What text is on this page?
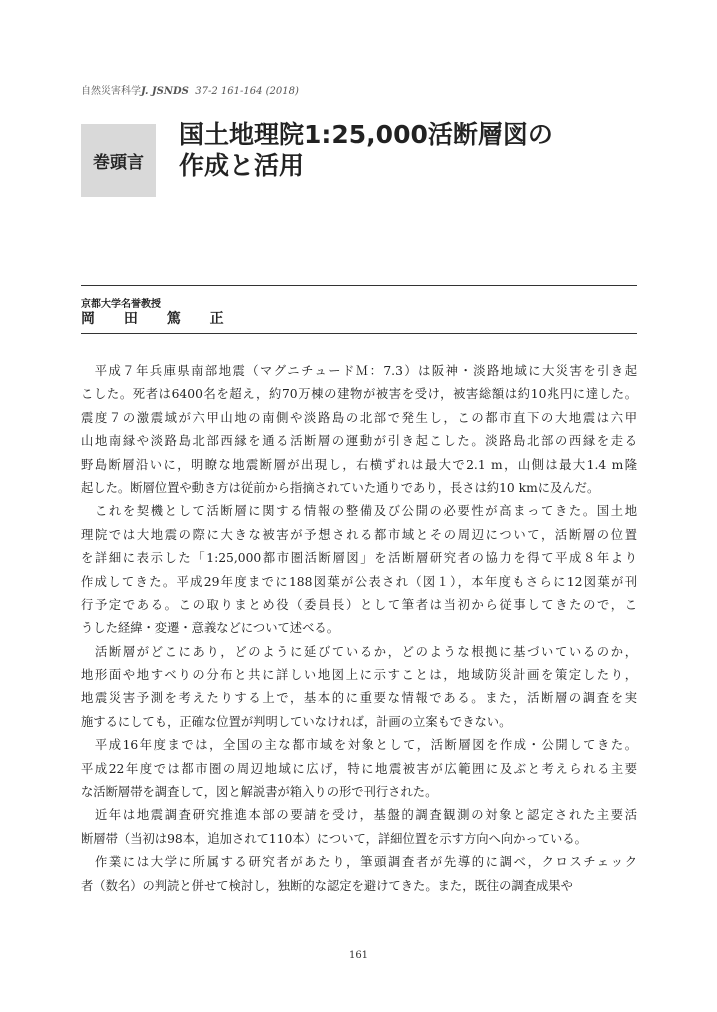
自然災害科学J. JSNDS 37-2 161-164 (2018)
巻頭言
国土地理院1:25,000活断層図の
作成と活用
京都大学名誉教授
岡 田 篤 正
　平成７年兵庫県南部地震（マグニチュードＭ：7.3）は阪神・淡路地域に大災害を引き起
こした。死者は6400名を超え，約70万棟の建物が被害を受け，被害総額は約10兆円に達した。
震度７の激震域が六甲山地の南側や淡路島の北部で発生し，この都市直下の大地震は六甲
山地南縁や淡路島北部西縁を通る活断層の運動が引き起こした。淡路島北部の西縁を走る
野島断層沿いに，明瞭な地震断層が出現し，右横ずれは最大で2.1 m，山側は最大1.4 m隆
起した。断層位置や動き方は従前から指摘されていた通りであり，長さは約10 kmに及んだ。
　これを契機として活断層に関する情報の整備及び公開の必要性が高まってきた。国土地
理院では大地震の際に大きな被害が予想される都市域とその周辺について，活断層の位置
を詳細に表示した「1:25,000都市圏活断層図」を活断層研究者の協力を得て平成８年より
作成してきた。平成29年度までに188図葉が公表され（図１），本年度もさらに12図葉が刊
行予定である。この取りまとめ役（委員長）として筆者は当初から従事してきたので，こ
うした経緯・変遷・意義などについて述べる。
　活断層がどこにあり，どのように延びているか，どのような根拠に基づいているのか，
地形面や地すべりの分布と共に詳しい地図上に示すことは，地域防災計画を策定したり，
地震災害予測を考えたりする上で，基本的に重要な情報である。また，活断層の調査を実
施するにしても，正確な位置が判明していなければ，計画の立案もできない。
　平成16年度までは，全国の主な都市域を対象として，活断層図を作成・公開してきた。
平成22年度では都市圏の周辺地域に広げ，特に地震被害が広範囲に及ぶと考えられる主要
な活断層帯を調査して，図と解説書が箱入りの形で刊行された。
　近年は地震調査研究推進本部の要請を受け，基盤的調査観測の対象と認定された主要活
断層帯（当初は98本，追加されて110本）について，詳細位置を示す方向へ向かっている。
　作業には大学に所属する研究者があたり，筆頭調査者が先導的に調べ，クロスチェック
者（数名）の判読と併せて検討し，独断的な認定を避けてきた。また，既往の調査成果や
161
